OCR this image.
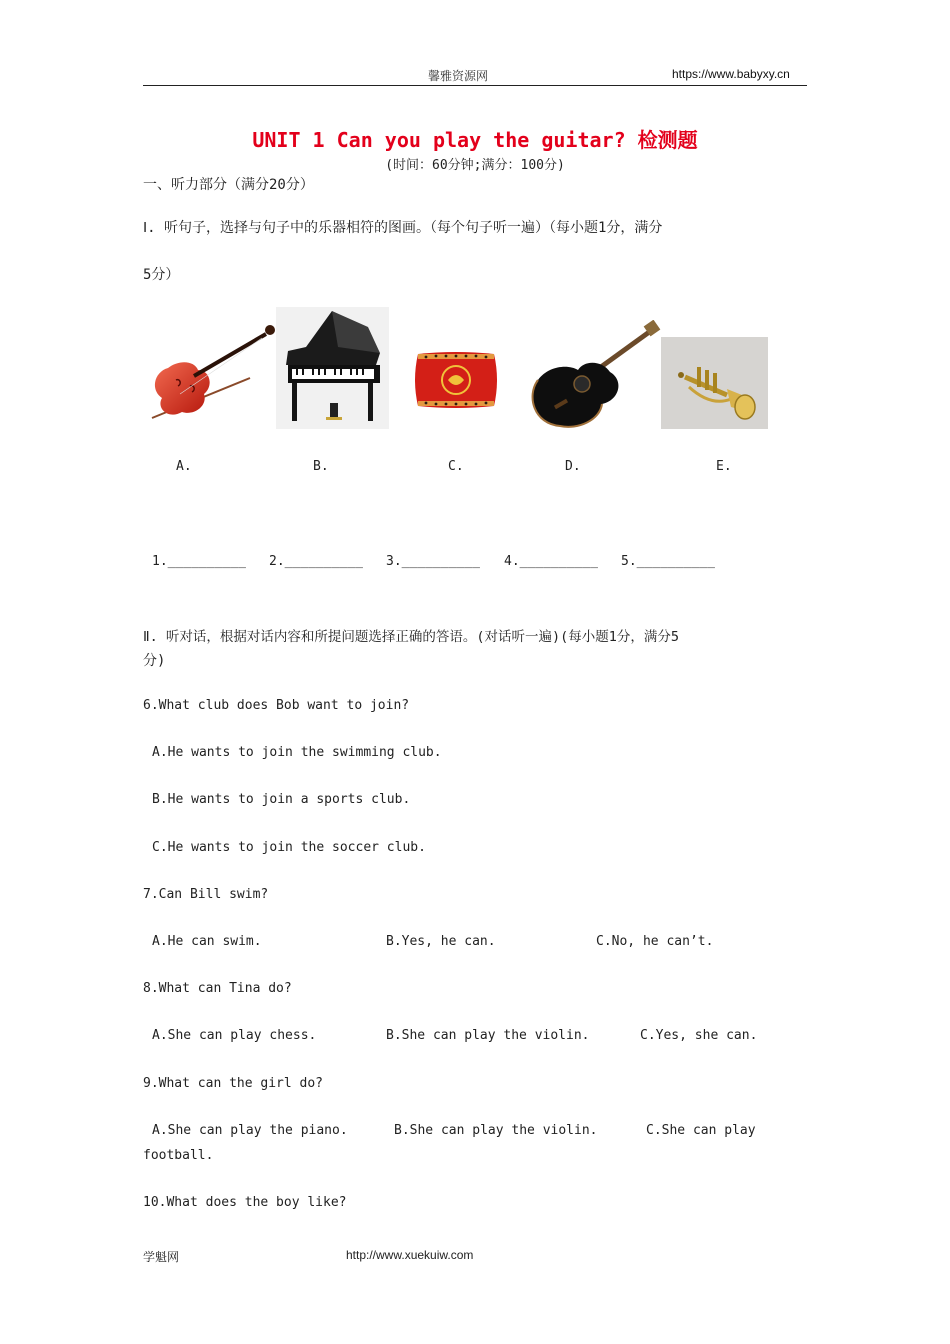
馨雅资源网	https://www.babyxy.cn
UNIT 1 Can you play the guitar? 检测题
(时间：60分钟;满分：100分)
一、听力部分（满分20分）
Ⅰ. 听句子，选择与句子中的乐器相符的图画。（每个句子听一遍）（每小题1分，满分
5分）
A.	B.	C.	D.	E.
1.__________ 2.__________ 3.__________ 4.__________ 5.__________
Ⅱ. 听对话，根据对话内容和所提问题选择正确的答语。(对话听一遍)(每小题1分，满分5
分)
6.What club does Bob want to join?
A.He wants to join the swimming club.
B.He wants to join a sports club.
C.He wants to join the soccer club.
7.Can Bill swim?
A.He can swim.	B.Yes, he can.	C.No, he can’t.
8.What can Tina do?
A.She can play chess.	B.She can play the violin.	C.Yes, she can.
9.What can the girl do?
A.She can play the piano.	B.She can play the violin.	C.She can play
football.
10.What does the boy like?
学魁网	http://www.xuekuiw.com
